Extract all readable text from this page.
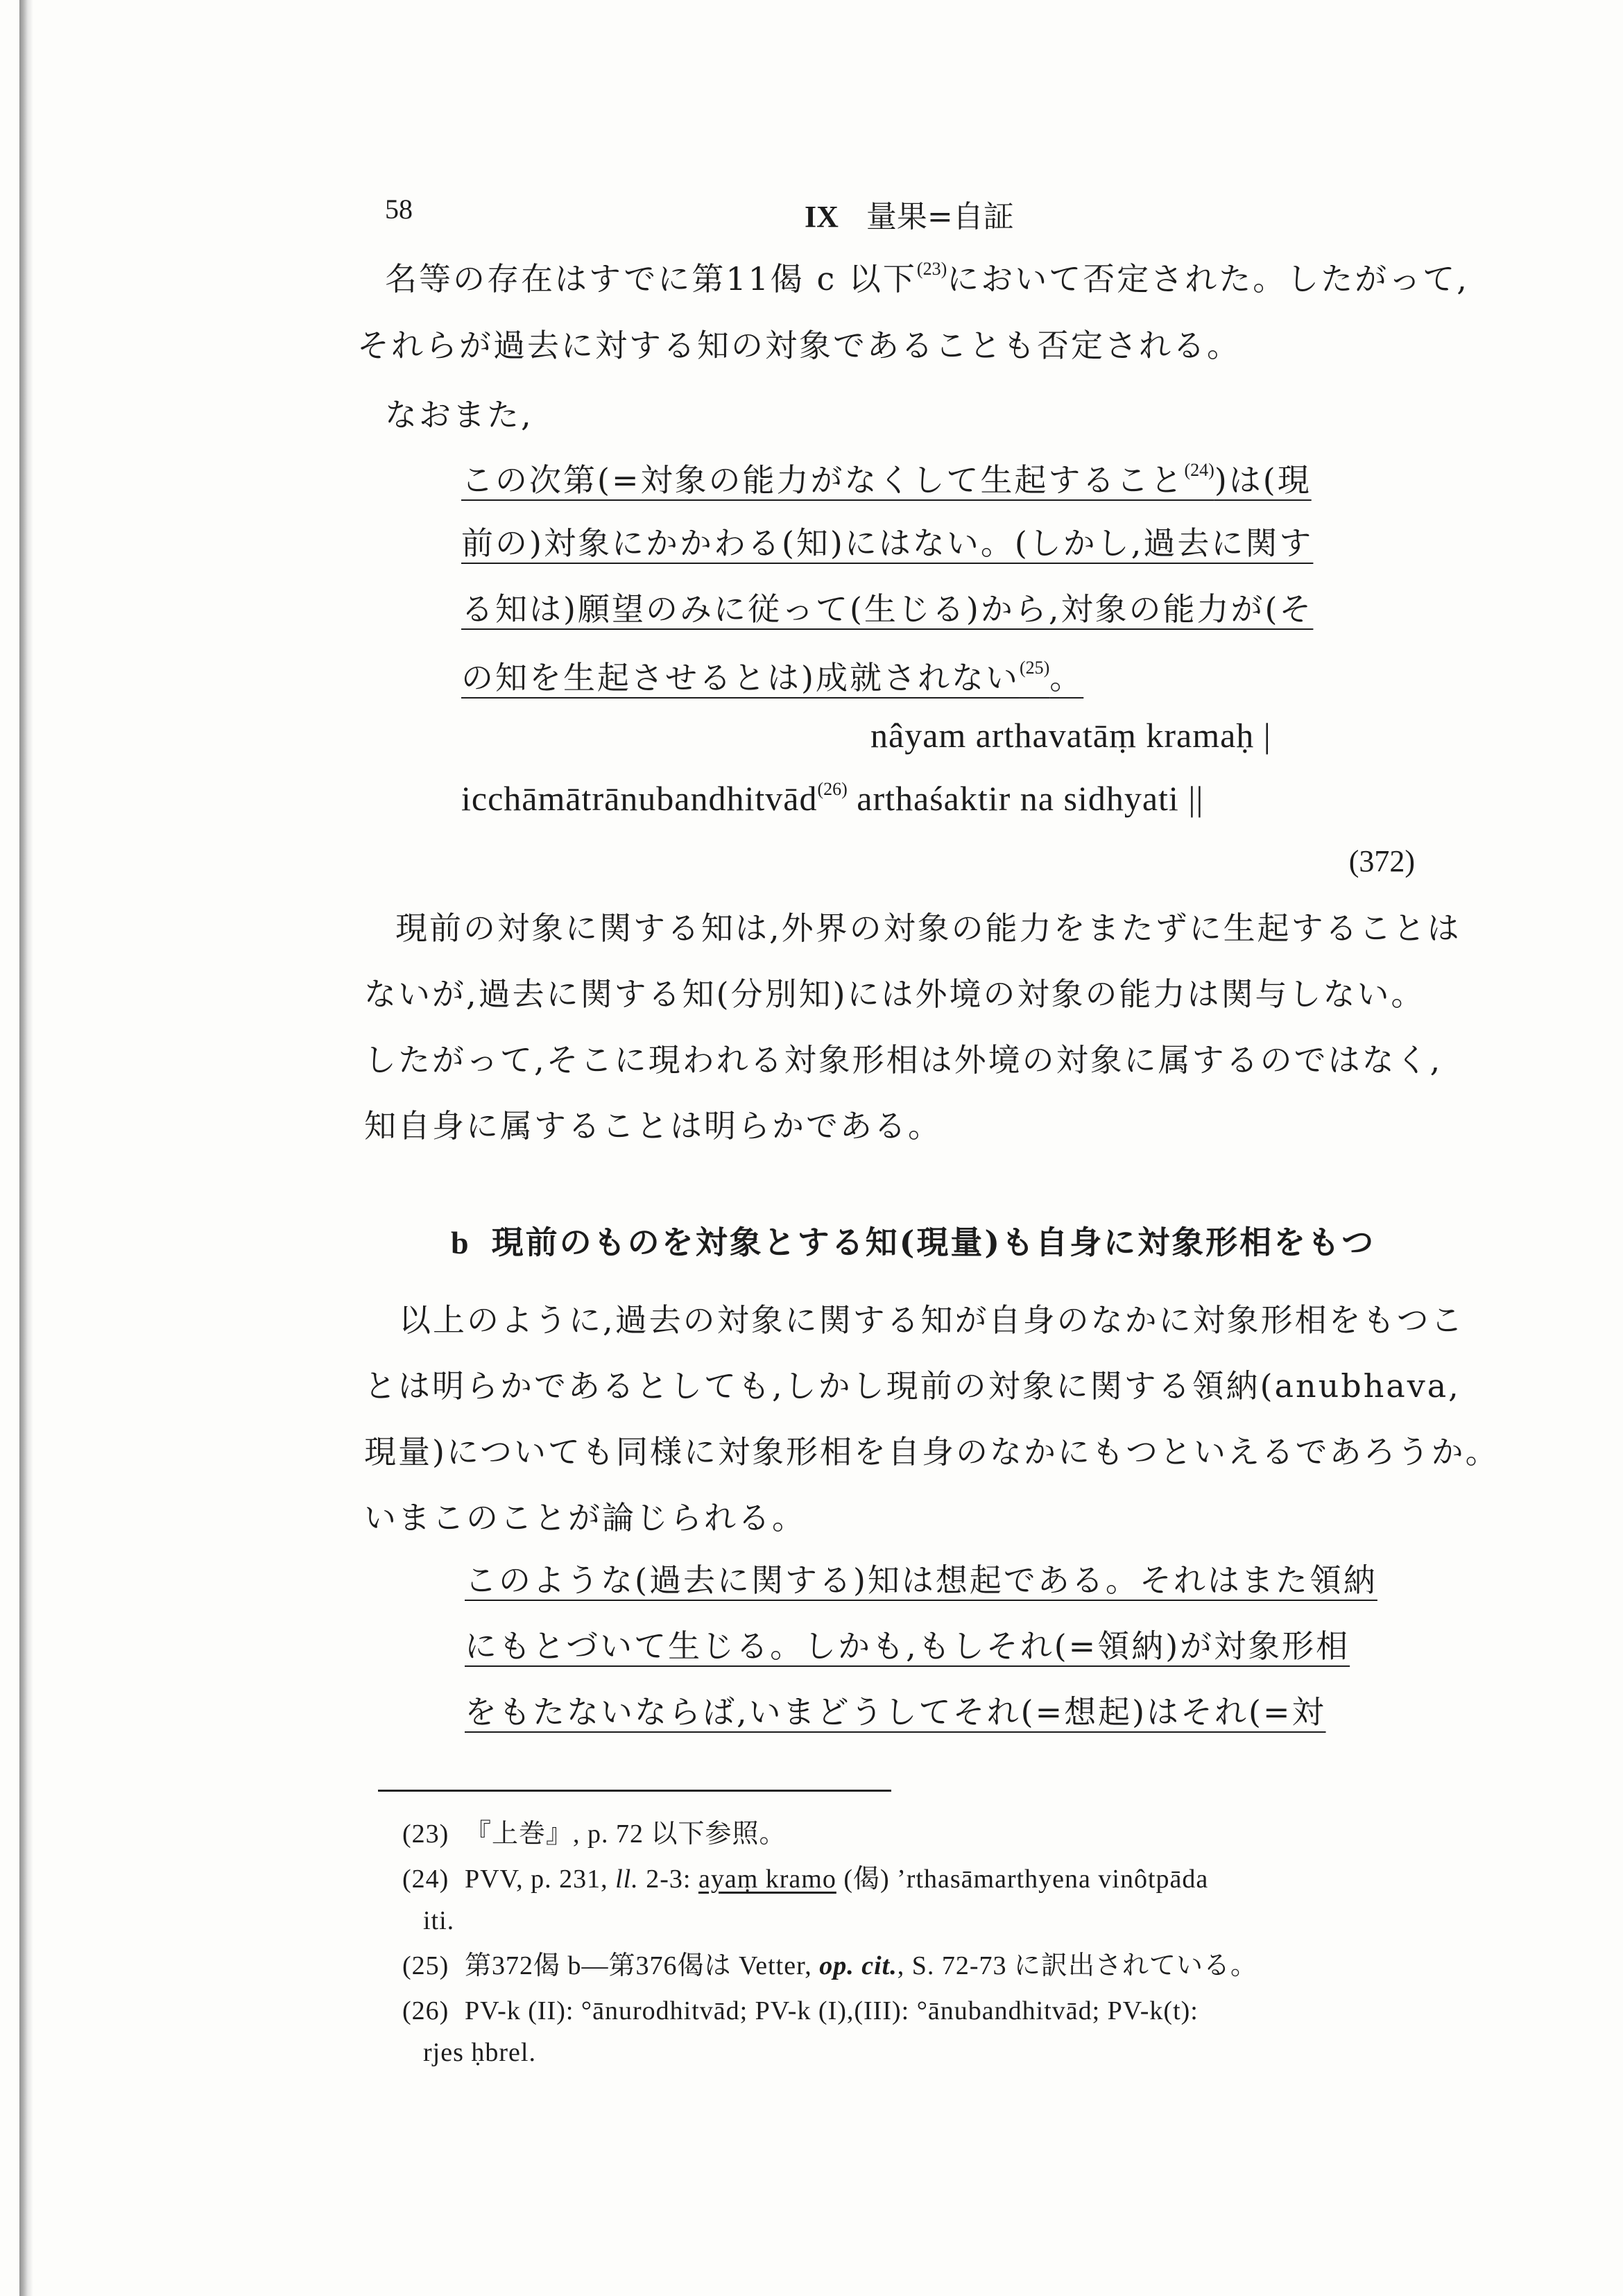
58	IX 量果=自証
名等の存在はすでに第11偈 c 以下$^{(23)}$において否定された。したがって,
それらが過去に対する知の対象であることも否定される。
なおまた,
この次第(=対象の能力がなくして生起すること$^{(24)}$)は(現
前の)対象にかかわる(知)にはない。(しかし,過去に関す
る知は)願望のみに従って(生じる)から,対象の能力が(そ
の知を生起させるとは)成就されない$^{(25)}$。
nâyam arthavatāṃ kramaḥ |
icchāmātrānubandhitvād$^{(26)}$ arthaśaktir na sidhyati ||
(372)
現前の対象に関する知は,外界の対象の能力をまたずに生起することは
ないが,過去に関する知(分別知)には外境の対象の能力は関与しない。
したがって,そこに現われる対象形相は外境の対象に属するのではなく,
知自身に属することは明らかである。
b 現前のものを対象とする知(現量)も自身に対象形相をもつ
以上のように,過去の対象に関する知が自身のなかに対象形相をもつこ
とは明らかであるとしても,しかし現前の対象に関する領納(anubhava,
現量)についても同様に対象形相を自身のなかにもつといえるであろうか。
いまこのことが論じられる。
このような(過去に関する)知は想起である。それはまた領納
にもとづいて生じる。しかも,もしそれ(=領納)が対象形相
をもたないならば,いまどうしてそれ(=想起)はそれ(=対
(23) 『上巻』, p. 72 以下参照。
(24) PVV, p. 231, ll. 2-3: ayaṃ kramo (偈) ’rthasāmarthyena vinôtpāda
iti.
(25) 第372偈 b—第376偈は Vetter, op. cit., S. 72-73 に訳出されている。
(26) PV-k (II): °ānurodhitvād; PV-k (I),(III): °ānubandhitvād; PV-k(t):
rjes ḥbrel.
